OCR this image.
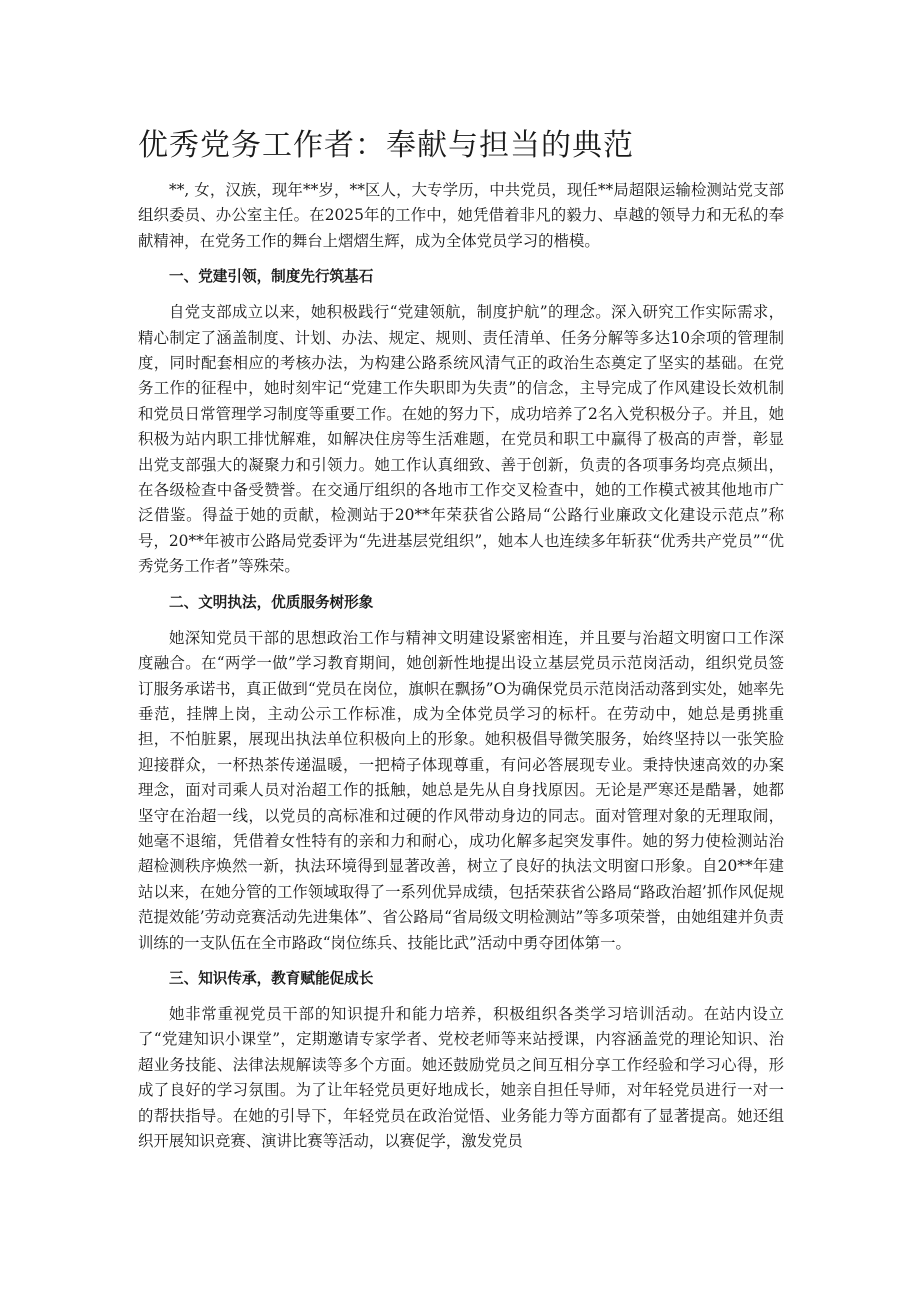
优秀党务工作者：奉献与担当的典范

**, 女，汉族，现年**岁，**区人，大专学历，中共党员，现任**局超限运输检测站党支部组织委员、办公室主任。在2025年的工作中，她凭借着非凡的毅力、卓越的领导力和无私的奉献精神，在党务工作的舞台上熠熠生辉，成为全体党员学习的楷模。

一、党建引领，制度先行筑基石

自党支部成立以来，她积极践行“党建领航，制度护航”的理念。深入研究工作实际需求，精心制定了涵盖制度、计划、办法、规定、规则、责任清单、任务分解等多达10余项的管理制度，同时配套相应的考核办法，为构建公路系统风清气正的政治生态奠定了坚实的基础。在党务工作的征程中，她时刻牢记“党建工作失职即为失责”的信念，主导完成了作风建设长效机制和党员日常管理学习制度等重要工作。在她的努力下，成功培养了2名入党积极分子。并且，她积极为站内职工排忧解难，如解决住房等生活难题，在党员和职工中赢得了极高的声誉，彰显出党支部强大的凝聚力和引领力。她工作认真细致、善于创新，负责的各项事务均亮点频出，在各级检查中备受赞誉。在交通厅组织的各地市工作交叉检查中，她的工作模式被其他地市广泛借鉴。得益于她的贡献，检测站于20**年荣获省公路局“公路行业廉政文化建设示范点”称号，20**年被市公路局党委评为“先进基层党组织”，她本人也连续多年斩获“优秀共产党员”“优秀党务工作者”等殊荣。

二、文明执法，优质服务树形象

她深知党员干部的思想政治工作与精神文明建设紧密相连，并且要与治超文明窗口工作深度融合。在“两学一做”学习教育期间，她创新性地提出设立基层党员示范岗活动，组织党员签订服务承诺书，真正做到“党员在岗位，旗帜在飘扬”O为确保党员示范岗活动落到实处，她率先垂范，挂牌上岗，主动公示工作标准，成为全体党员学习的标杆。在劳动中，她总是勇挑重担，不怕脏累，展现出执法单位积极向上的形象。她积极倡导微笑服务，始终坚持以一张笑脸迎接群众，一杯热茶传递温暖，一把椅子体现尊重，有问必答展现专业。秉持快速高效的办案理念，面对司乘人员对治超工作的抵触，她总是先从自身找原因。无论是严寒还是酷暑，她都坚守在治超一线，以党员的高标准和过硬的作风带动身边的同志。面对管理对象的无理取闹，她毫不退缩，凭借着女性特有的亲和力和耐心，成功化解多起突发事件。她的努力使检测站治超检测秩序焕然一新，执法环境得到显著改善，树立了良好的执法文明窗口形象。自20**年建站以来，在她分管的工作领域取得了一系列优异成绩，包括荣获省公路局“路政治超’抓作风促规范提效能’劳动竞赛活动先进集体”、省公路局“省局级文明检测站”等多项荣誉，由她组建并负责训练的一支队伍在全市路政“岗位练兵、技能比武”活动中勇夺团体第一。

三、知识传承，教育赋能促成长

她非常重视党员干部的知识提升和能力培养，积极组织各类学习培训活动。在站内设立了“党建知识小课堂”，定期邀请专家学者、党校老师等来站授课，内容涵盖党的理论知识、治超业务技能、法律法规解读等多个方面。她还鼓励党员之间互相分享工作经验和学习心得，形成了良好的学习氛围。为了让年轻党员更好地成长，她亲自担任导师，对年轻党员进行一对一的帮扶指导。在她的引导下，年轻党员在政治觉悟、业务能力等方面都有了显著提高。她还组织开展知识竞赛、演讲比赛等活动，以赛促学，激发党员
